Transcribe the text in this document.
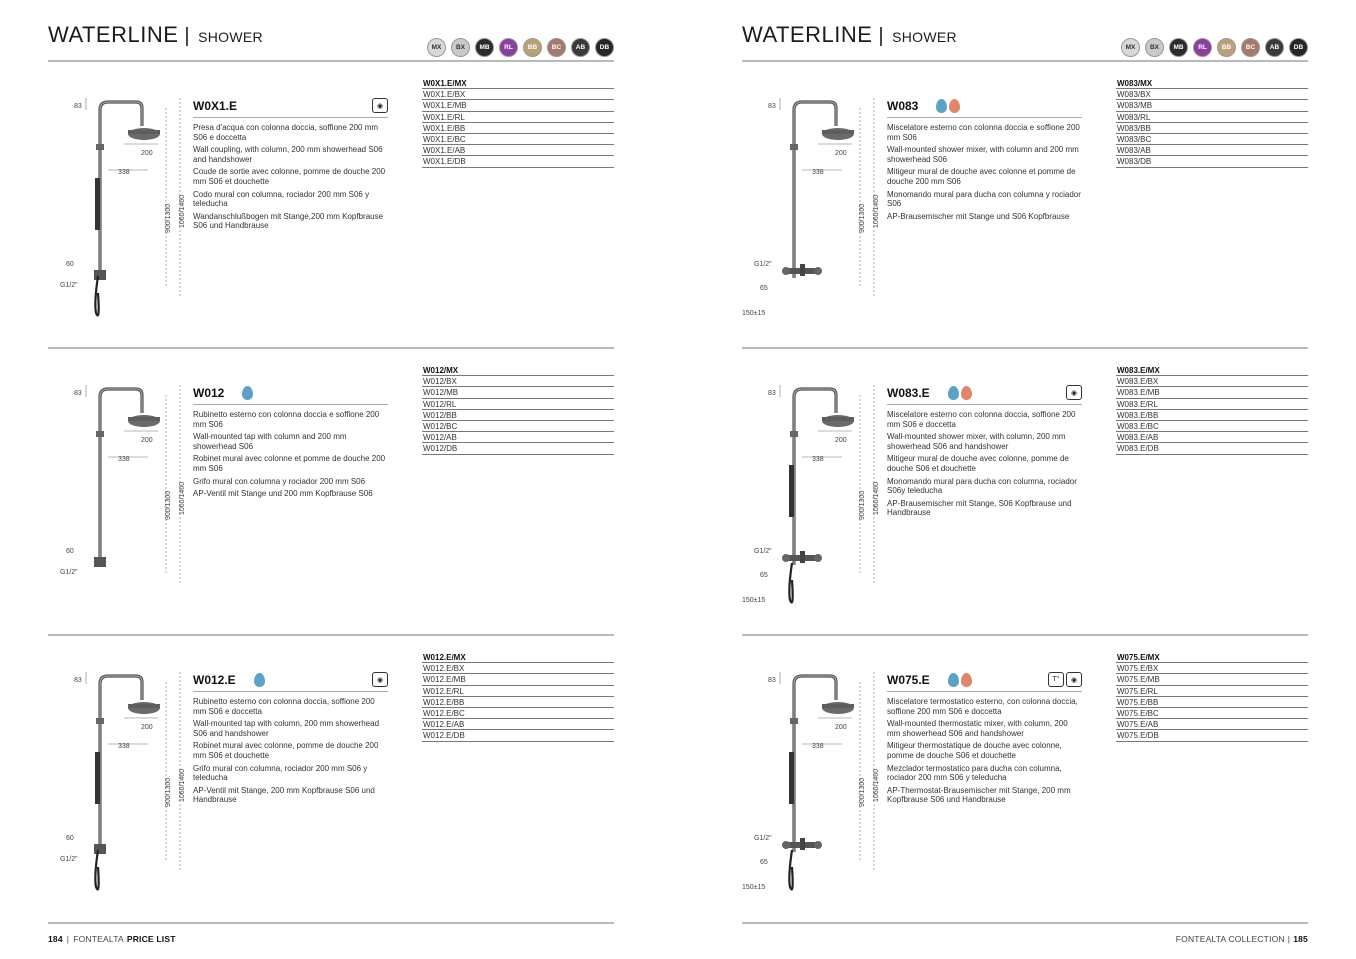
WATERLINE | SHOWER
MX	BX	MB	RL	BB	BC	AB	DB
83
200
338
900/1300 1060/1460
60
G1/2"
W0X1.E	◉

Presa d'acqua con colonna doccia, soffione 200 mm S06 e doccetta

Wall coupling, with column, 200 mm showerhead S06 and handshower

Coude de sortie avec colonne, pomme de douche 200 mm S06 et douchette

Codo mural con columna, rociador 200 mm S06 y teleducha

Wandanschlußbogen mit Stange,200 mm Kopfbrause S06 und Handbrause

W0X1.E/MX
W0X1.E/BX
W0X1.E/MB
W0X1.E/RL
W0X1.E/BB
W0X1.E/BC
W0X1.E/AB
W0X1.E/DB
83
200
338
900/1300 1060/1460
60
G1/2"
W012

Rubinetto esterno con colonna doccia e soffione 200 mm S06

Wall-mounted tap with column and 200 mm showerhead S06

Robinet mural avec colonne et pomme de douche 200 mm S06

Grifo mural con columna y rociador 200 mm S06

AP-Ventil mit Stange und 200 mm Kopfbrause S06

W012/MX
W012/BX
W012/MB
W012/RL
W012/BB
W012/BC
W012/AB
W012/DB
83
200
338
900/1300 1060/1460
60
G1/2"
W012.E	◉

Rubinetto esterno con colonna doccia, soffione 200 mm S06 e doccetta

Wall-mounted tap with column, 200 mm showerhead S06 and handshower

Robinet mural avec colonne, pomme de douche 200 mm S06 et douchette

Grifo mural con columna, rociador 200 mm S06 y teleducha

AP-Ventil mit Stange, 200 mm Kopfbrause S06 und Handbrause

W012.E/MX
W012.E/BX
W012.E/MB
W012.E/RL
W012.E/BB
W012.E/BC
W012.E/AB
W012.E/DB
184 | FONTEALTA PRICE LIST
WATERLINE | SHOWER
MX	BX	MB	RL	BB	BC	AB	DB
83
200
338
900/1300 1060/1460
65
G1/2"
150±15
W083

Miscelatore esterno con colonna doccia e soffione 200 mm S06

Wall-mounted shower mixer, with column and 200 mm showerhead S06

Mitigeur mural de douche avec colonne et pomme de douche 200 mm S06

Monomando mural para ducha con columna y rociador S06

AP-Brausemischer mit Stange und S06 Kopfbrause

W083/MX
W083/BX
W083/MB
W083/RL
W083/BB
W083/BC
W083/AB
W083/DB
83
200
338
900/1300 1060/1460
65
G1/2"
150±15
W083.E	◉

Miscelatore esterno con colonna doccia, soffione 200 mm S06 e doccetta

Wall-mounted shower mixer, with column, 200 mm showerhead S06 and handshower

Mitigeur mural de douche avec colonne, pomme de douche S06 et douchette

Monomando mural para ducha con columna, rociador S06y teleducha

AP-Brausemischer mit Stange, S06 Kopfbrause und Handbrause

W083.E/MX
W083.E/BX
W083.E/MB
W083.E/RL
W083.E/BB
W083.E/BC
W083.E/AB
W083.E/DB
83
200
338
900/1300 1060/1460
65
G1/2"
150±15
W075.E	T°	◉

Miscelatore termostatico esterno, con colonna doccia, soffione 200 mm S06 e doccetta

Wall-mounted thermostatic mixer, with column, 200 mm showerhead S06 and handshower

Mitigeur thermostatique de douche avec colonne, pomme de douche S06 et douchette

Mezclador termostatico para ducha con columna, rociador 200 mm S06 y teleducha

AP-Thermostat-Brausemischer mit Stange, 200 mm Kopfbrause S06 und Handbrause

W075.E/MX
W075.E/BX
W075.E/MB
W075.E/RL
W075.E/BB
W075.E/BC
W075.E/AB
W075.E/DB
FONTEALTA COLLECTION | 185
